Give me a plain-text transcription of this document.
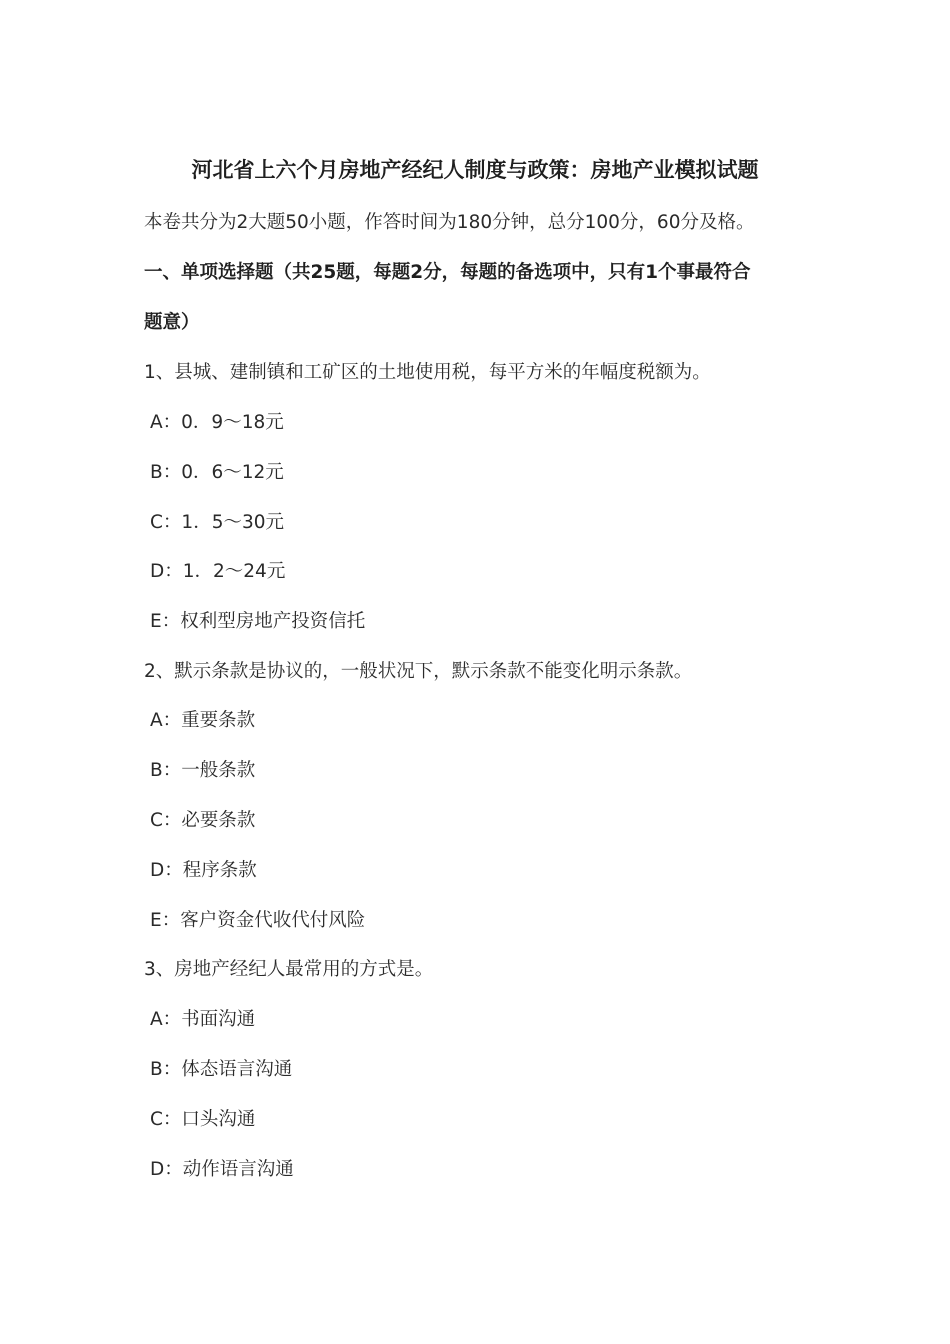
河北省上六个月房地产经纪人制度与政策：房地产业模拟试题
本卷共分为2大题50小题，作答时间为180分钟，总分100分，60分及格。
一、单项选择题（共25题，每题2分，每题的备选项中，只有1个事最符合
题意）
1、县城、建制镇和工矿区的土地使用税，每平方米的年幅度税额为。
A：0．9～18元
B：0．6～12元
C：1．5～30元
D：1．2～24元
E：权利型房地产投资信托
2、默示条款是协议的，一般状况下，默示条款不能变化明示条款。
A：重要条款
B：一般条款
C：必要条款
D：程序条款
E：客户资金代收代付风险
3、房地产经纪人最常用的方式是。
A：书面沟通
B：体态语言沟通
C：口头沟通
D：动作语言沟通
